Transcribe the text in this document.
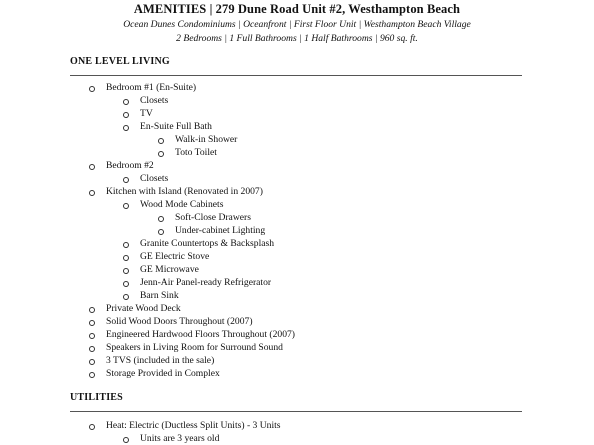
AMENITIES | 279 Dune Road Unit #2, Westhampton Beach
Ocean Dunes Condominiums | Oceanfront | First Floor Unit | Westhampton Beach Village
2 Bedrooms | 1 Full Bathrooms | 1 Half Bathrooms | 960 sq. ft.
ONE LEVEL LIVING
Bedroom #1 (En-Suite)
Closets
TV
En-Suite Full Bath
Walk-in Shower
Toto Toilet
Bedroom #2
Closets
Kitchen with Island (Renovated in 2007)
Wood Mode Cabinets
Soft-Close Drawers
Under-cabinet Lighting
Granite Countertops & Backsplash
GE Electric Stove
GE Microwave
Jenn-Air Panel-ready Refrigerator
Barn Sink
Private Wood Deck
Solid Wood Doors Throughout (2007)
Engineered Hardwood Floors Throughout (2007)
Speakers in Living Room for Surround Sound
3 TVS (included in the sale)
Storage Provided in Complex
UTILITIES
Heat: Electric (Ductless Split Units) - 3 Units
Units are 3 years old
